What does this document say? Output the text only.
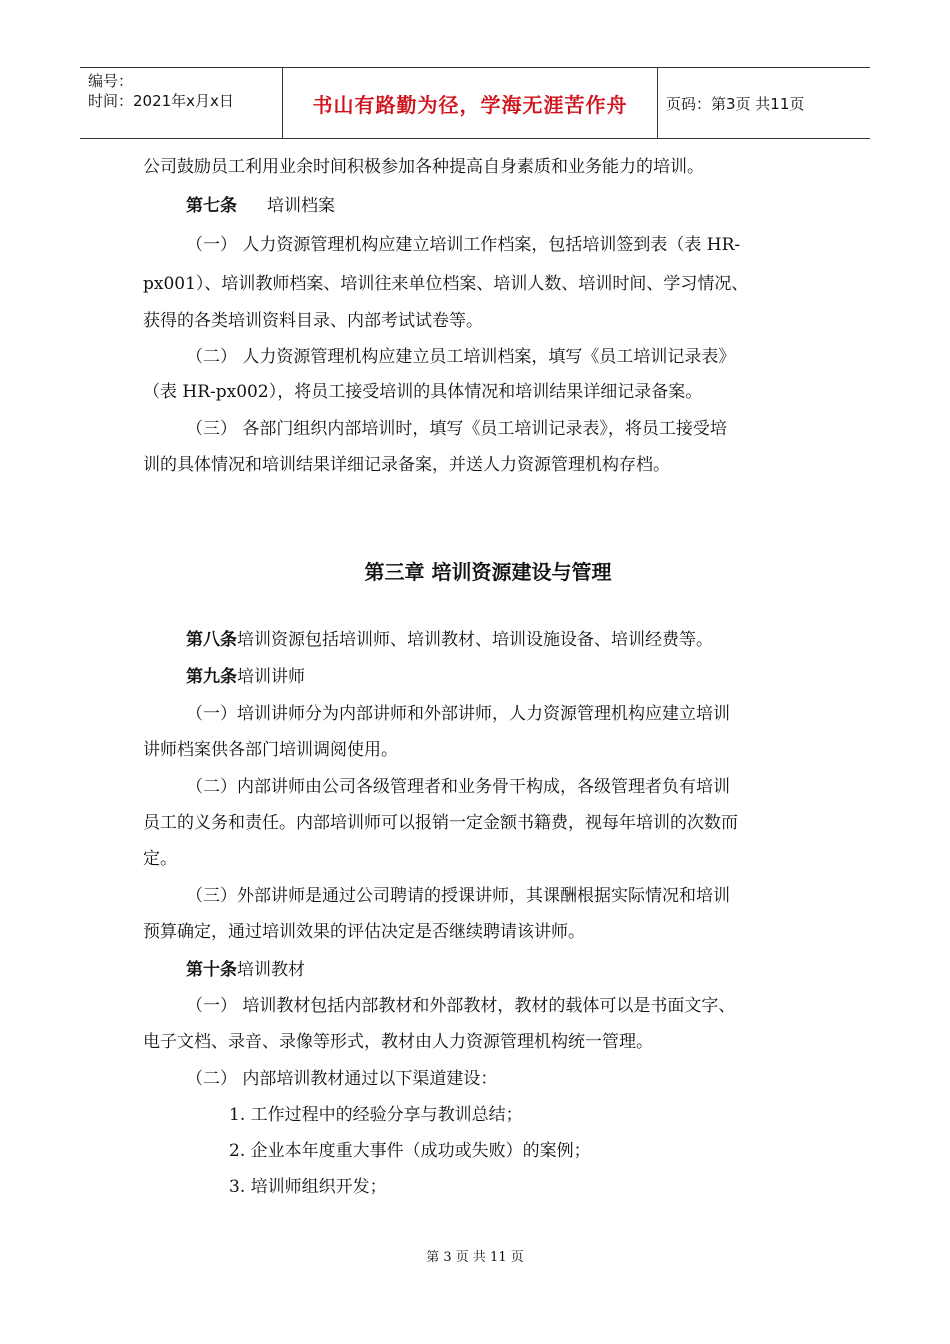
编号：
时间：2021年x月x日	书山有路勤为径，学海无涯苦作舟	页码：第3页 共11页
公司鼓励员工利用业余时间积极参加各种提高自身素质和业务能力的培训。
第七条 培训档案
（一） 人力资源管理机构应建立培训工作档案，包括培训签到表（表 HR-
px001）、培训教师档案、培训往来单位档案、培训人数、培训时间、学习情况、
获得的各类培训资料目录、内部考试试卷等。
（二） 人力资源管理机构应建立员工培训档案，填写《员工培训记录表》
（表 HR-px002），将员工接受培训的具体情况和培训结果详细记录备案。
（三） 各部门组织内部培训时，填写《员工培训记录表》，将员工接受培
训的具体情况和培训结果详细记录备案，并送人力资源管理机构存档。
第三章 培训资源建设与管理
第八条培训资源包括培训师、培训教材、培训设施设备、培训经费等。
第九条培训讲师
（一）培训讲师分为内部讲师和外部讲师，人力资源管理机构应建立培训
讲师档案供各部门培训调阅使用。
（二）内部讲师由公司各级管理者和业务骨干构成，各级管理者负有培训
员工的义务和责任。内部培训师可以报销一定金额书籍费，视每年培训的次数而
定。
（三）外部讲师是通过公司聘请的授课讲师，其课酬根据实际情况和培训
预算确定，通过培训效果的评估决定是否继续聘请该讲师。
第十条培训教材
（一） 培训教材包括内部教材和外部教材，教材的载体可以是书面文字、
电子文档、录音、录像等形式，教材由人力资源管理机构统一管理。
（二） 内部培训教材通过以下渠道建设：
1. 工作过程中的经验分享与教训总结；
2. 企业本年度重大事件（成功或失败）的案例；
3. 培训师组织开发；
第 3 页 共 11 页
